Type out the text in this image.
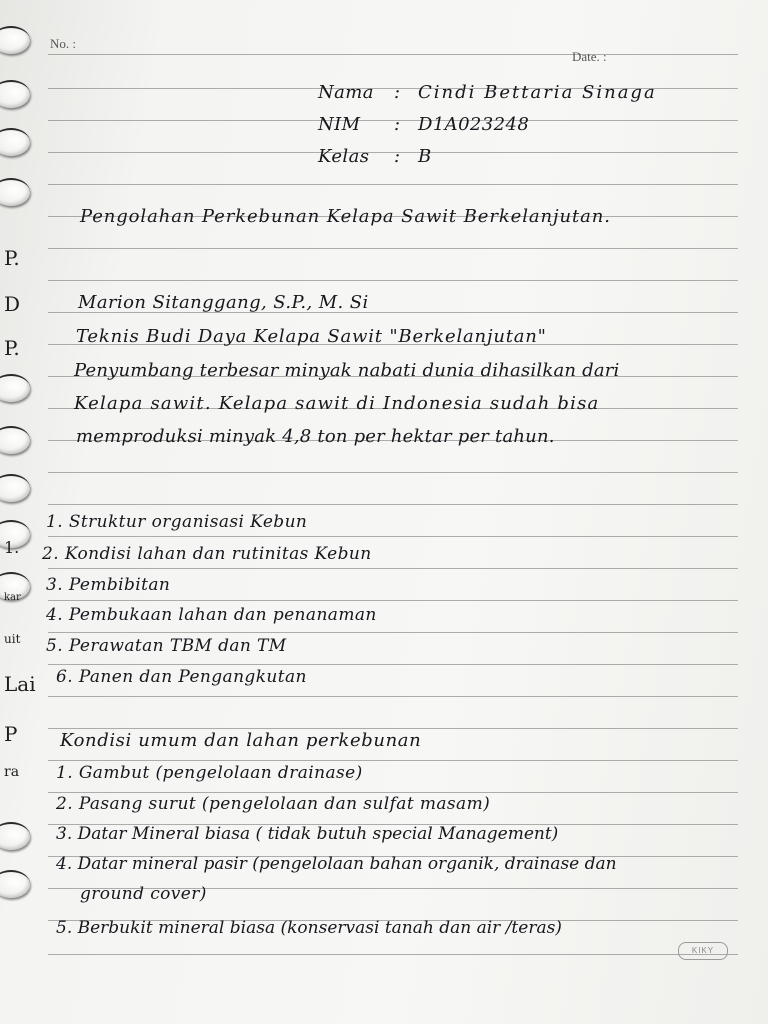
P.
D
P.
1.
kar
uit
Lai
P
ra
No. :
Date. :
Nama : Cindi Bettaria Sinaga
NIM : D1A023248
Kelas : B
Pengolahan Perkebunan Kelapa Sawit Berkelanjutan.
Marion Sitanggang, S.P., M. Si
Teknis Budi Daya Kelapa Sawit "Berkelanjutan"
Penyumbang terbesar minyak nabati dunia dihasilkan dari
Kelapa sawit. Kelapa sawit di Indonesia sudah bisa
memproduksi minyak 4,8 ton per hektar per tahun.
1. Struktur organisasi Kebun
2. Kondisi lahan dan rutinitas Kebun
3. Pembibitan
4. Pembukaan lahan dan penanaman
5. Perawatan TBM dan TM
6. Panen dan Pengangkutan
Kondisi umum dan lahan perkebunan
1. Gambut (pengelolaan drainase)
2. Pasang surut (pengelolaan dan sulfat masam)
3. Datar Mineral biasa ( tidak butuh special Management)
4. Datar mineral pasir (pengelolaan bahan organik, drainase dan
ground cover)
5. Berbukit mineral biasa (konservasi tanah dan air /teras)
KIKY
